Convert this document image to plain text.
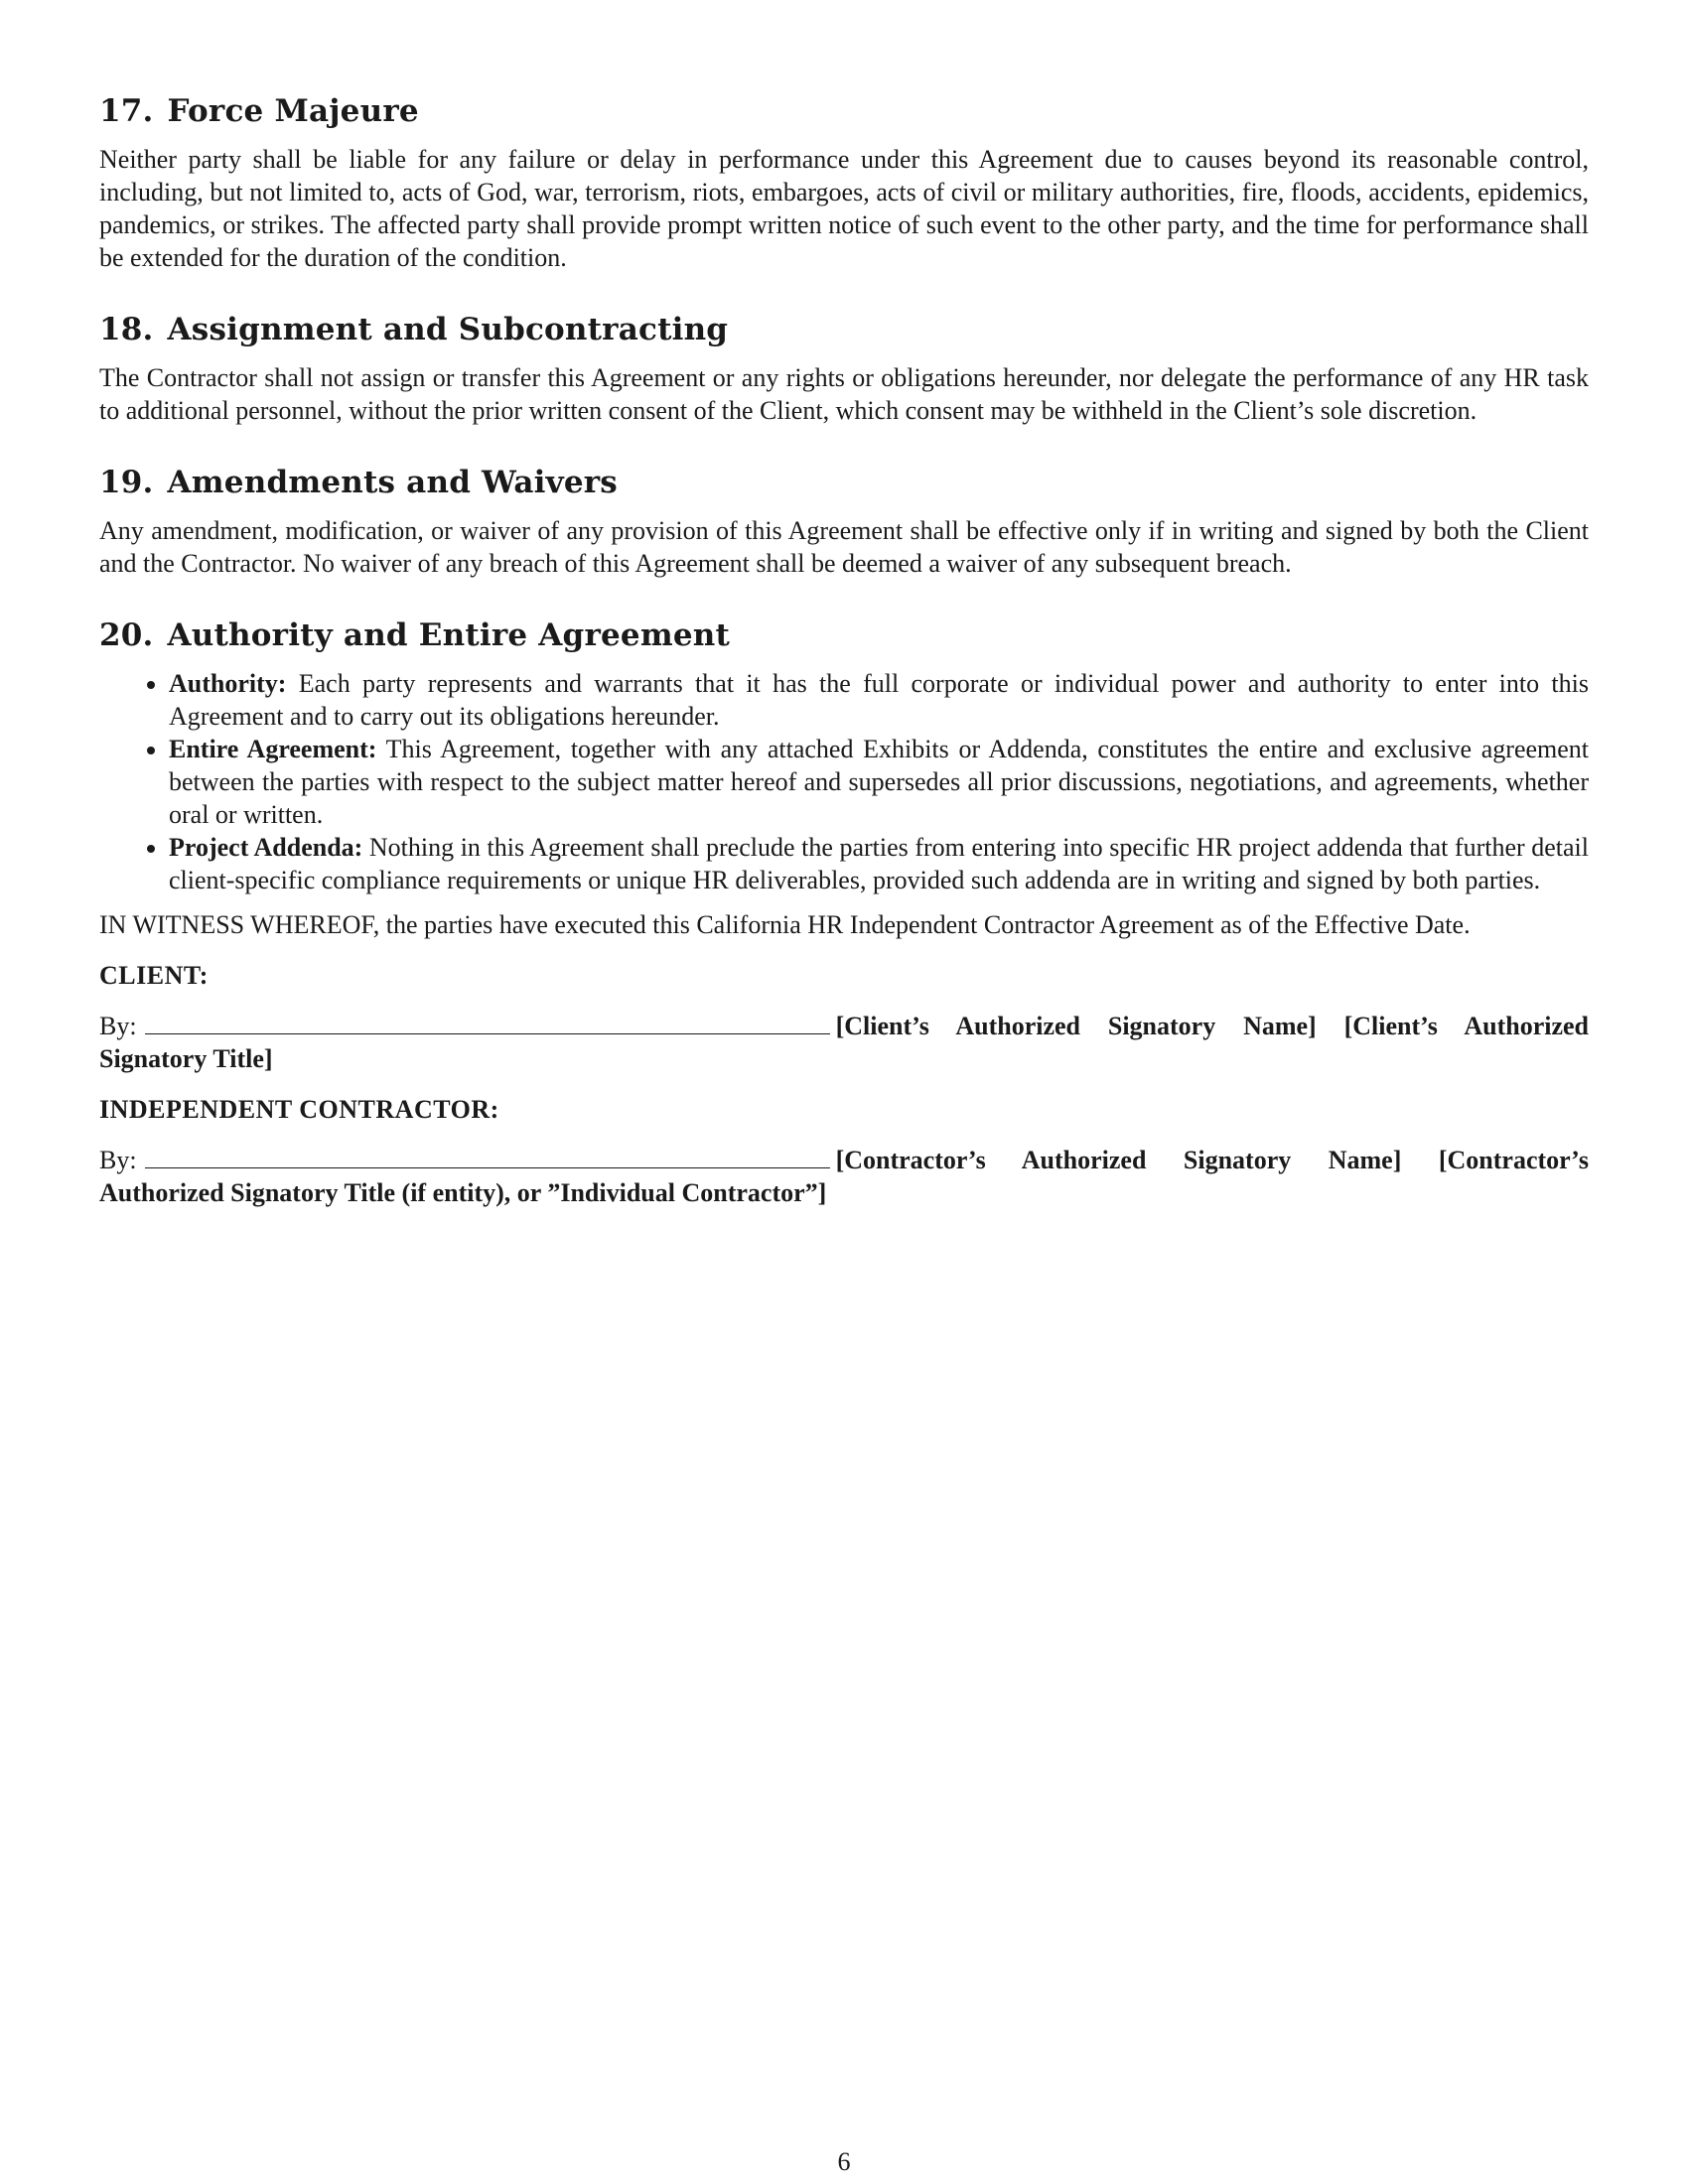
17. Force Majeure

Neither party shall be liable for any failure or delay in performance under this Agreement due to causes beyond its reasonable control, including, but not limited to, acts of God, war, terrorism, riots, embargoes, acts of civil or military authorities, fire, floods, accidents, epidemics, pandemics, or strikes. The affected party shall provide prompt written notice of such event to the other party, and the time for performance shall be extended for the duration of the condition.

18. Assignment and Subcontracting

The Contractor shall not assign or transfer this Agreement or any rights or obligations hereunder, nor delegate the performance of any HR task to additional personnel, without the prior written consent of the Client, which consent may be withheld in the Client’s sole discretion.

19. Amendments and Waivers

Any amendment, modification, or waiver of any provision of this Agreement shall be effective only if in writing and signed by both the Client and the Contractor. No waiver of any breach of this Agreement shall be deemed a waiver of any subsequent breach.

20. Authority and Entire Agreement
• Authority: Each party represents and warrants that it has the full corporate or individual power and authority to enter into this Agreement and to carry out its obligations hereunder.
• Entire Agreement: This Agreement, together with any attached Exhibits or Addenda, constitutes the entire and exclusive agreement between the parties with respect to the subject matter hereof and supersedes all prior discussions, negotiations, and agreements, whether oral or written.
• Project Addenda: Nothing in this Agreement shall preclude the parties from entering into specific HR project addenda that further detail client-specific compliance requirements or unique HR deliverables, provided such addenda are in writing and signed by both parties.

IN WITNESS WHEREOF, the parties have executed this California HR Independent Contractor Agreement as of the Effective Date.

CLIENT:
By:	[Client’s Authorized Signatory Name] [Client’s Authorized Signatory Title]
INDEPENDENT CONTRACTOR:
By:	[Contractor’s Authorized Signatory Name] [Contractor’s Authorized Signatory Title (if entity), or ”Individual Contractor”]
6
